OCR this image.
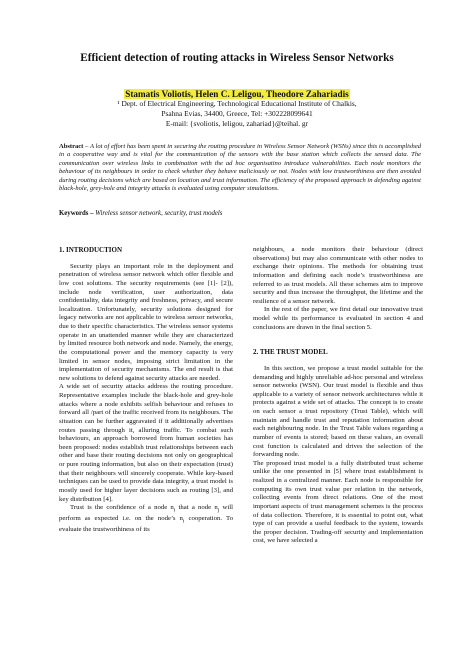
Efficient detection of routing attacks in Wireless Sensor Networks
Stamatis Voliotis, Helen C. Leligou, Theodore Zahariadis

¹ Dept. of Electrical Engineering, Technological Educational Institute of Chalkis,

Psahna Evias, 34400, Greece, Tel: +302228099641

E-mail: {svoliotis, leligou, zahariad}@teihal. gr

Abstract – A lot of effort has been spent in securing the routing procedure in Wireless Sensor Network (WSNs) since this is accomplished in a cooperative way and is vital for the communication of the sensors with the base station which collects the sensed data. The communication over wireless links in combination with the ad hoc organisatino introduce vulnerabilities. Each node monitors the behaviour of its neighbours in order to check whether they behave maliciously or not. Nodes with low trustworthiness are then avoided during routing decisions which are based on location and trust information. The efficiency of the proposed approach in defending against black-hole, grey-hole and integrity attacks is evaluated using computer simulations.
Keywords – Wireless sensor network, security, trust models
1. INTRODUCTION

Security plays an important role in the deployment and penetration of wireless sensor network which offer flexible and low cost solutions. The security requirements (see [1]- [2]), include node verification, user authorization, data confidentiality, data integrity and freshness, privacy, and secure localization. Unfortunately, security solutions designed for legacy networks are not applicable to wireless sensor networks, due to their specific characteristics. The wireless sensor systems operate in an unattended manner while they are characterized by limited resource both network and node. Namely, the energy, the computational power and the memory capacity is very limited in sensor nodes, imposing strict limitation in the implementation of security mechanisms. The end result is that new solutions to defend against security attacks are needed.

A wide set of security attacks address the routing procedure. Representative examples include the black-hole and grey-hole attacks where a node exhibits selfish behaviour and refuses to forward all /part of the traffic received from its neighbours. The situation can be further aggravated if it additionally advertises routes passing through it, alluring traffic. To combat such behaviours, an approach borrowed from human societies has been proposed: nodes establish trust relationships between each other and base their routing decisions not only on geographical or pure routing information, but also on their expectation (trust) that their neighbours will sincerely cooperate. While key-based techniques can be used to provide data integrity, a trust model is mostly used for higher layer decisions such as routing [3], and key distribution [4].

Trust is the confidence of a node $n_i$ that a node $n_j$ will perform as expected i.e. on the node’s $n_i$ cooperation. To evaluate the trustworthiness of its

neighbours, a node monitors their behaviour (direct observations) but may also communicate with other nodes to exchange their opinions. The methods for obtaining trust information and defining each node’s trustworthiness are referred to as trust models. All these schemes aim to improve security and thus increase the throughput, the lifetime and the resilience of a sensor network.

In the rest of the paper, we first detail our innovative trust model while its performance is evaluated in section 4 and conclusions are drawn in the final section 5.

2. THE TRUST MODEL

In this section, we propose a trust model suitable for the demanding and highly unreliable ad-hoc personal and wireless sensor networks (WSN). Our trust model is flexible and thus applicable to a variety of sensor network architectures while it protects against a wide set of attacks. The concept is to create on each sensor a trust repository (Trust Table), which will maintain and handle trust and reputation information about each neighbouring node. In the Trust Table values regarding a number of events is stored; based on these values, an overall cost function is calculated and drives the selection of the forwarding node.

The proposed trust model is a fully distributed trust scheme unlike the one presented in [5] where trust establishment is realized in a centralized manner. Each node is responsible for computing its own trust value per relation in the network, collecting events from direct relations. One of the most important aspects of trust management schemes is the process of data collection. Therefore, it is essential to point out, what type of can provide a useful feedback to the system, towards the proper decision. Trading-off security and implementation cost, we have selected a
